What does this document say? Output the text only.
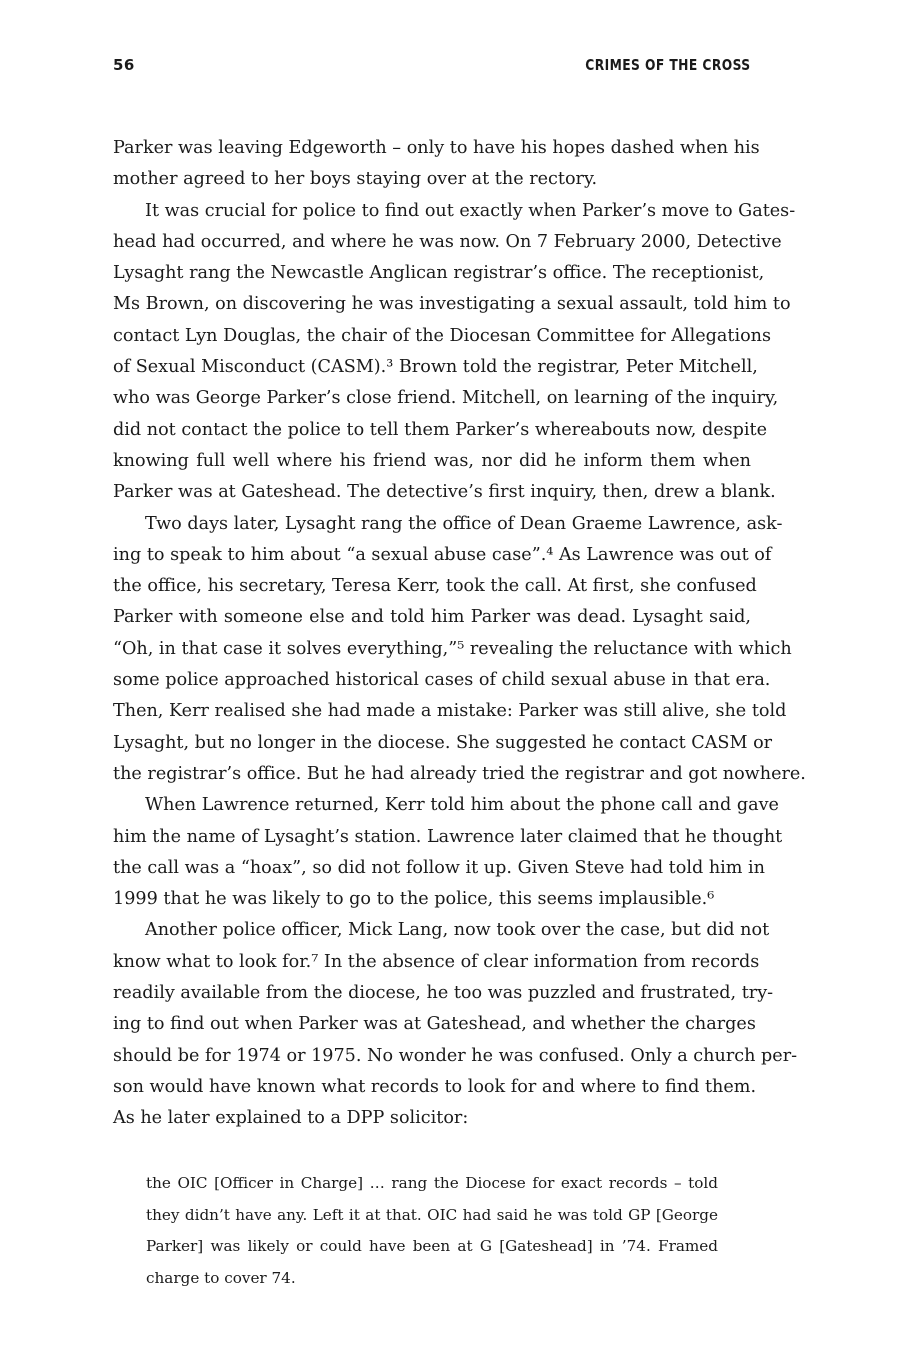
56	CRIMES OF THE CROSS
Parker was leaving Edgeworth – only to have his hopes dashed when his
mother agreed to her boys staying over at the rectory.
It was crucial for police to find out exactly when Parker’s move to Gates-
head had occurred, and where he was now. On 7 February 2000, Detective
Lysaght rang the Newcastle Anglican registrar’s office. The receptionist,
Ms Brown, on discovering he was investigating a sexual assault, told him to
contact Lyn Douglas, the chair of the Diocesan Committee for Allegations
of Sexual Misconduct (CASM).³ Brown told the registrar, Peter Mitchell,
who was George Parker’s close friend. Mitchell, on learning of the inquiry,
did not contact the police to tell them Parker’s whereabouts now, despite
knowing full well where his friend was, nor did he inform them when
Parker was at Gateshead. The detective’s first inquiry, then, drew a blank.
Two days later, Lysaght rang the office of Dean Graeme Lawrence, ask-
ing to speak to him about “a sexual abuse case”.⁴ As Lawrence was out of
the office, his secretary, Teresa Kerr, took the call. At first, she confused
Parker with someone else and told him Parker was dead. Lysaght said,
“Oh, in that case it solves everything,”⁵ revealing the reluctance with which
some police approached historical cases of child sexual abuse in that era.
Then, Kerr realised she had made a mistake: Parker was still alive, she told
Lysaght, but no longer in the diocese. She suggested he contact CASM or
the registrar’s office. But he had already tried the registrar and got nowhere.
When Lawrence returned, Kerr told him about the phone call and gave
him the name of Lysaght’s station. Lawrence later claimed that he thought
the call was a “hoax”, so did not follow it up. Given Steve had told him in
1999 that he was likely to go to the police, this seems implausible.⁶
Another police officer, Mick Lang, now took over the case, but did not
know what to look for.⁷ In the absence of clear information from records
readily available from the diocese, he too was puzzled and frustrated, try-
ing to find out when Parker was at Gateshead, and whether the charges
should be for 1974 or 1975. No wonder he was confused. Only a church per-
son would have known what records to look for and where to find them.
As he later explained to a DPP solicitor:
the OIC [Officer in Charge] … rang the Diocese for exact records – told
they didn’t have any. Left it at that. OIC had said he was told GP [George
Parker] was likely or could have been at G [Gateshead] in ’74. Framed
charge to cover 74.
